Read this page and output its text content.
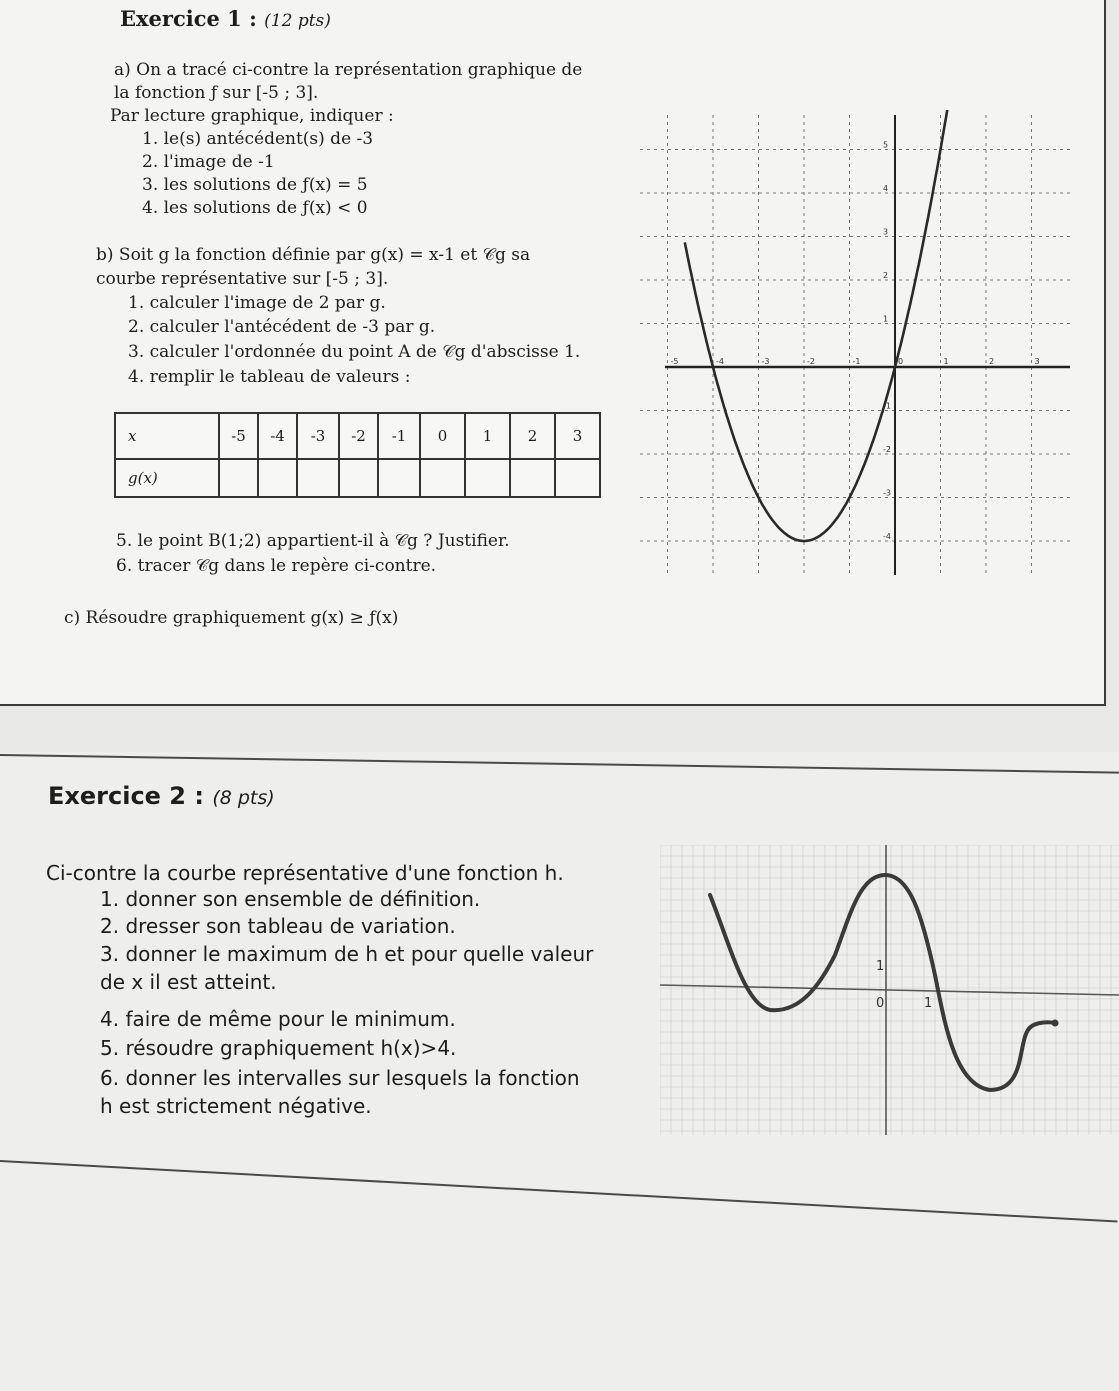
Exercice 1 : (12 pts)
a) On a tracé ci-contre la représentation graphique de
la fonction ƒ sur [-5 ; 3].
Par lecture graphique, indiquer :
1. le(s) antécédent(s) de -3
2. l'image de -1
3. les solutions de ƒ(x) = 5
4. les solutions de ƒ(x) < 0
b) Soit g la fonction définie par g(x) = x-1 et 𝒞g sa
courbe représentative sur [-5 ; 3].
1. calculer l'image de 2 par g.
2. calculer l'antécédent de -3 par g.
3. calculer l'ordonnée du point A de 𝒞g d'abscisse 1.
4. remplir le tableau de valeurs :
x	-5	-4	-3	-2	-1	0	1	2	3
g(x)									
5. le point B(1;2) appartient-il à 𝒞g ? Justifier.
6. tracer 𝒞g dans le repère ci-contre.
c) Résoudre graphiquement g(x) ≥ ƒ(x)
-5	-4	-3	-2	-1	0	1	2	3
5
4
3
2
1
-1
-2
-3
-4
Exercice 2 : (8 pts)
Ci-contre la courbe représentative d'une fonction h.
1. donner son ensemble de définition.
2. dresser son tableau de variation.
3. donner le maximum de h et pour quelle valeur
de x il est atteint.
4. faire de même pour le minimum.
5. résoudre graphiquement h(x)>4.
6. donner les intervalles sur lesquels la fonction
h est strictement négative.
0	1
1
